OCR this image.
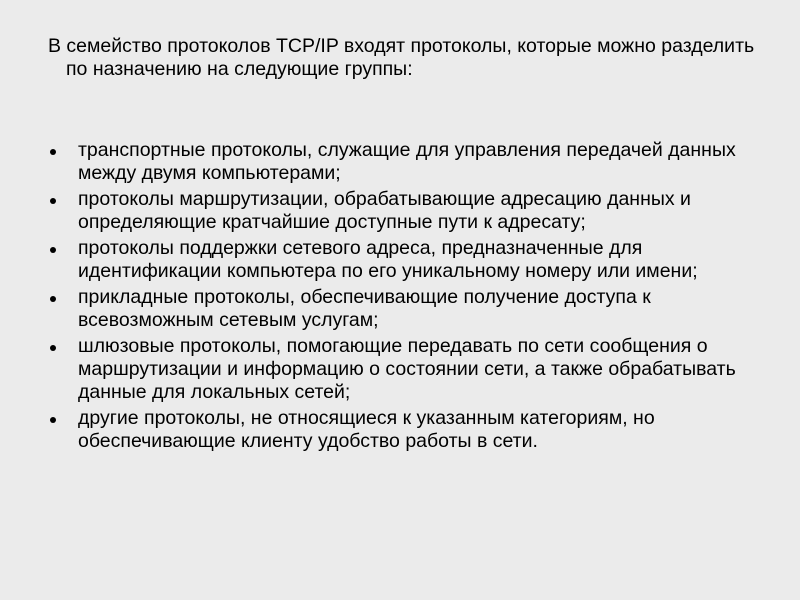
В семейство протоколов TCP/IP входят протоколы, которые можно разделить по назначению на следующие группы:

транспортные протоколы, служащие для управления передачей данных между двумя компьютерами;
протоколы маршрутизации, обрабатывающие адресацию данных и определяющие кратчайшие доступные пути к адресату;
протоколы поддержки сетевого адреса, предназначенные для идентификации компьютера по его уникальному номеру или имени;
прикладные протоколы, обеспечивающие получение доступа к всевозможным сетевым услугам;
шлюзовые протоколы, помогающие передавать по сети сообщения о маршрутизации и информацию о состоянии сети, а также обрабатывать данные для локальных сетей;
другие протоколы, не относящиеся к указанным категориям, но обеспечивающие клиенту удобство работы в сети.
